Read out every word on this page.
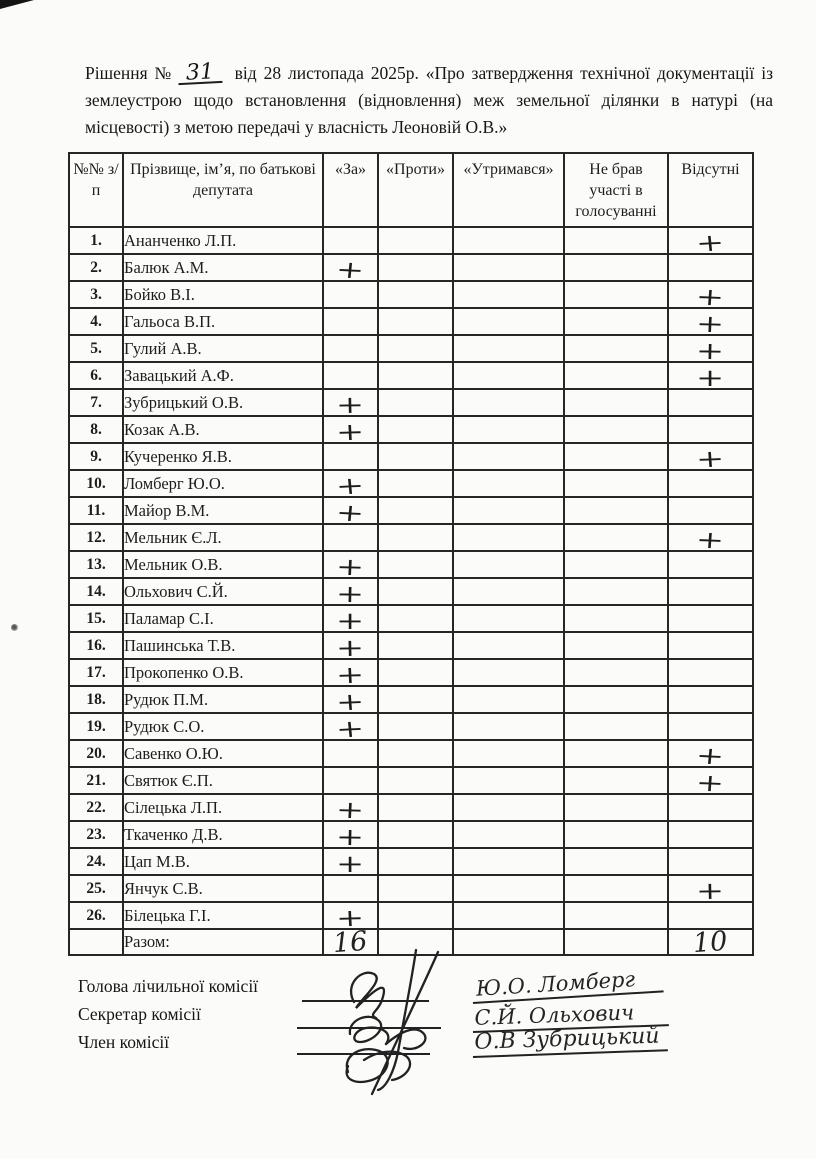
Рішення № 31 від 28 листопада 2025р. «Про затвердження технічної документації із землеустрою щодо встановлення (відновлення) меж земельної ділянки в натурі (на місцевості) з метою передачі у власність Леоновій О.В.»

№№ з/п	Прізвище, ім’я, по батькові депутата	«За»	«Проти»	«Утримався»	Не брав участі в голосуванні	Відсутні
1.	Ананченко Л.П.					+
2.	Балюк А.М.	+				
3.	Бойко В.І.					+
4.	Гальоса В.П.					+
5.	Гулий А.В.					+
6.	Завацький А.Ф.					+
7.	Зубрицький О.В.	+				
8.	Козак А.В.	+				
9.	Кучеренко Я.В.					+
10.	Ломберг Ю.О.	+				
11.	Майор В.М.	+				
12.	Мельник Є.Л.					+
13.	Мельник О.В.	+				
14.	Ольхович С.Й.	+				
15.	Паламар С.І.	+				
16.	Пашинська Т.В.	+				
17.	Прокопенко О.В.	+				
18.	Рудюк П.М.	+				
19.	Рудюк С.О.	+				
20.	Савенко О.Ю.					+
21.	Святюк Є.П.					+
22.	Сілецька Л.П.	+				
23.	Ткаченко Д.В.	+				
24.	Цап М.В.	+				
25.	Янчук С.В.					+
26.	Білецька Г.І.	+				
	Разом:	16				10
Голова лічильної комісії
Секретар комісії
Член комісії
Ю.О. Ломберг
С.Й. Ольхович
О.В Зубрицький
